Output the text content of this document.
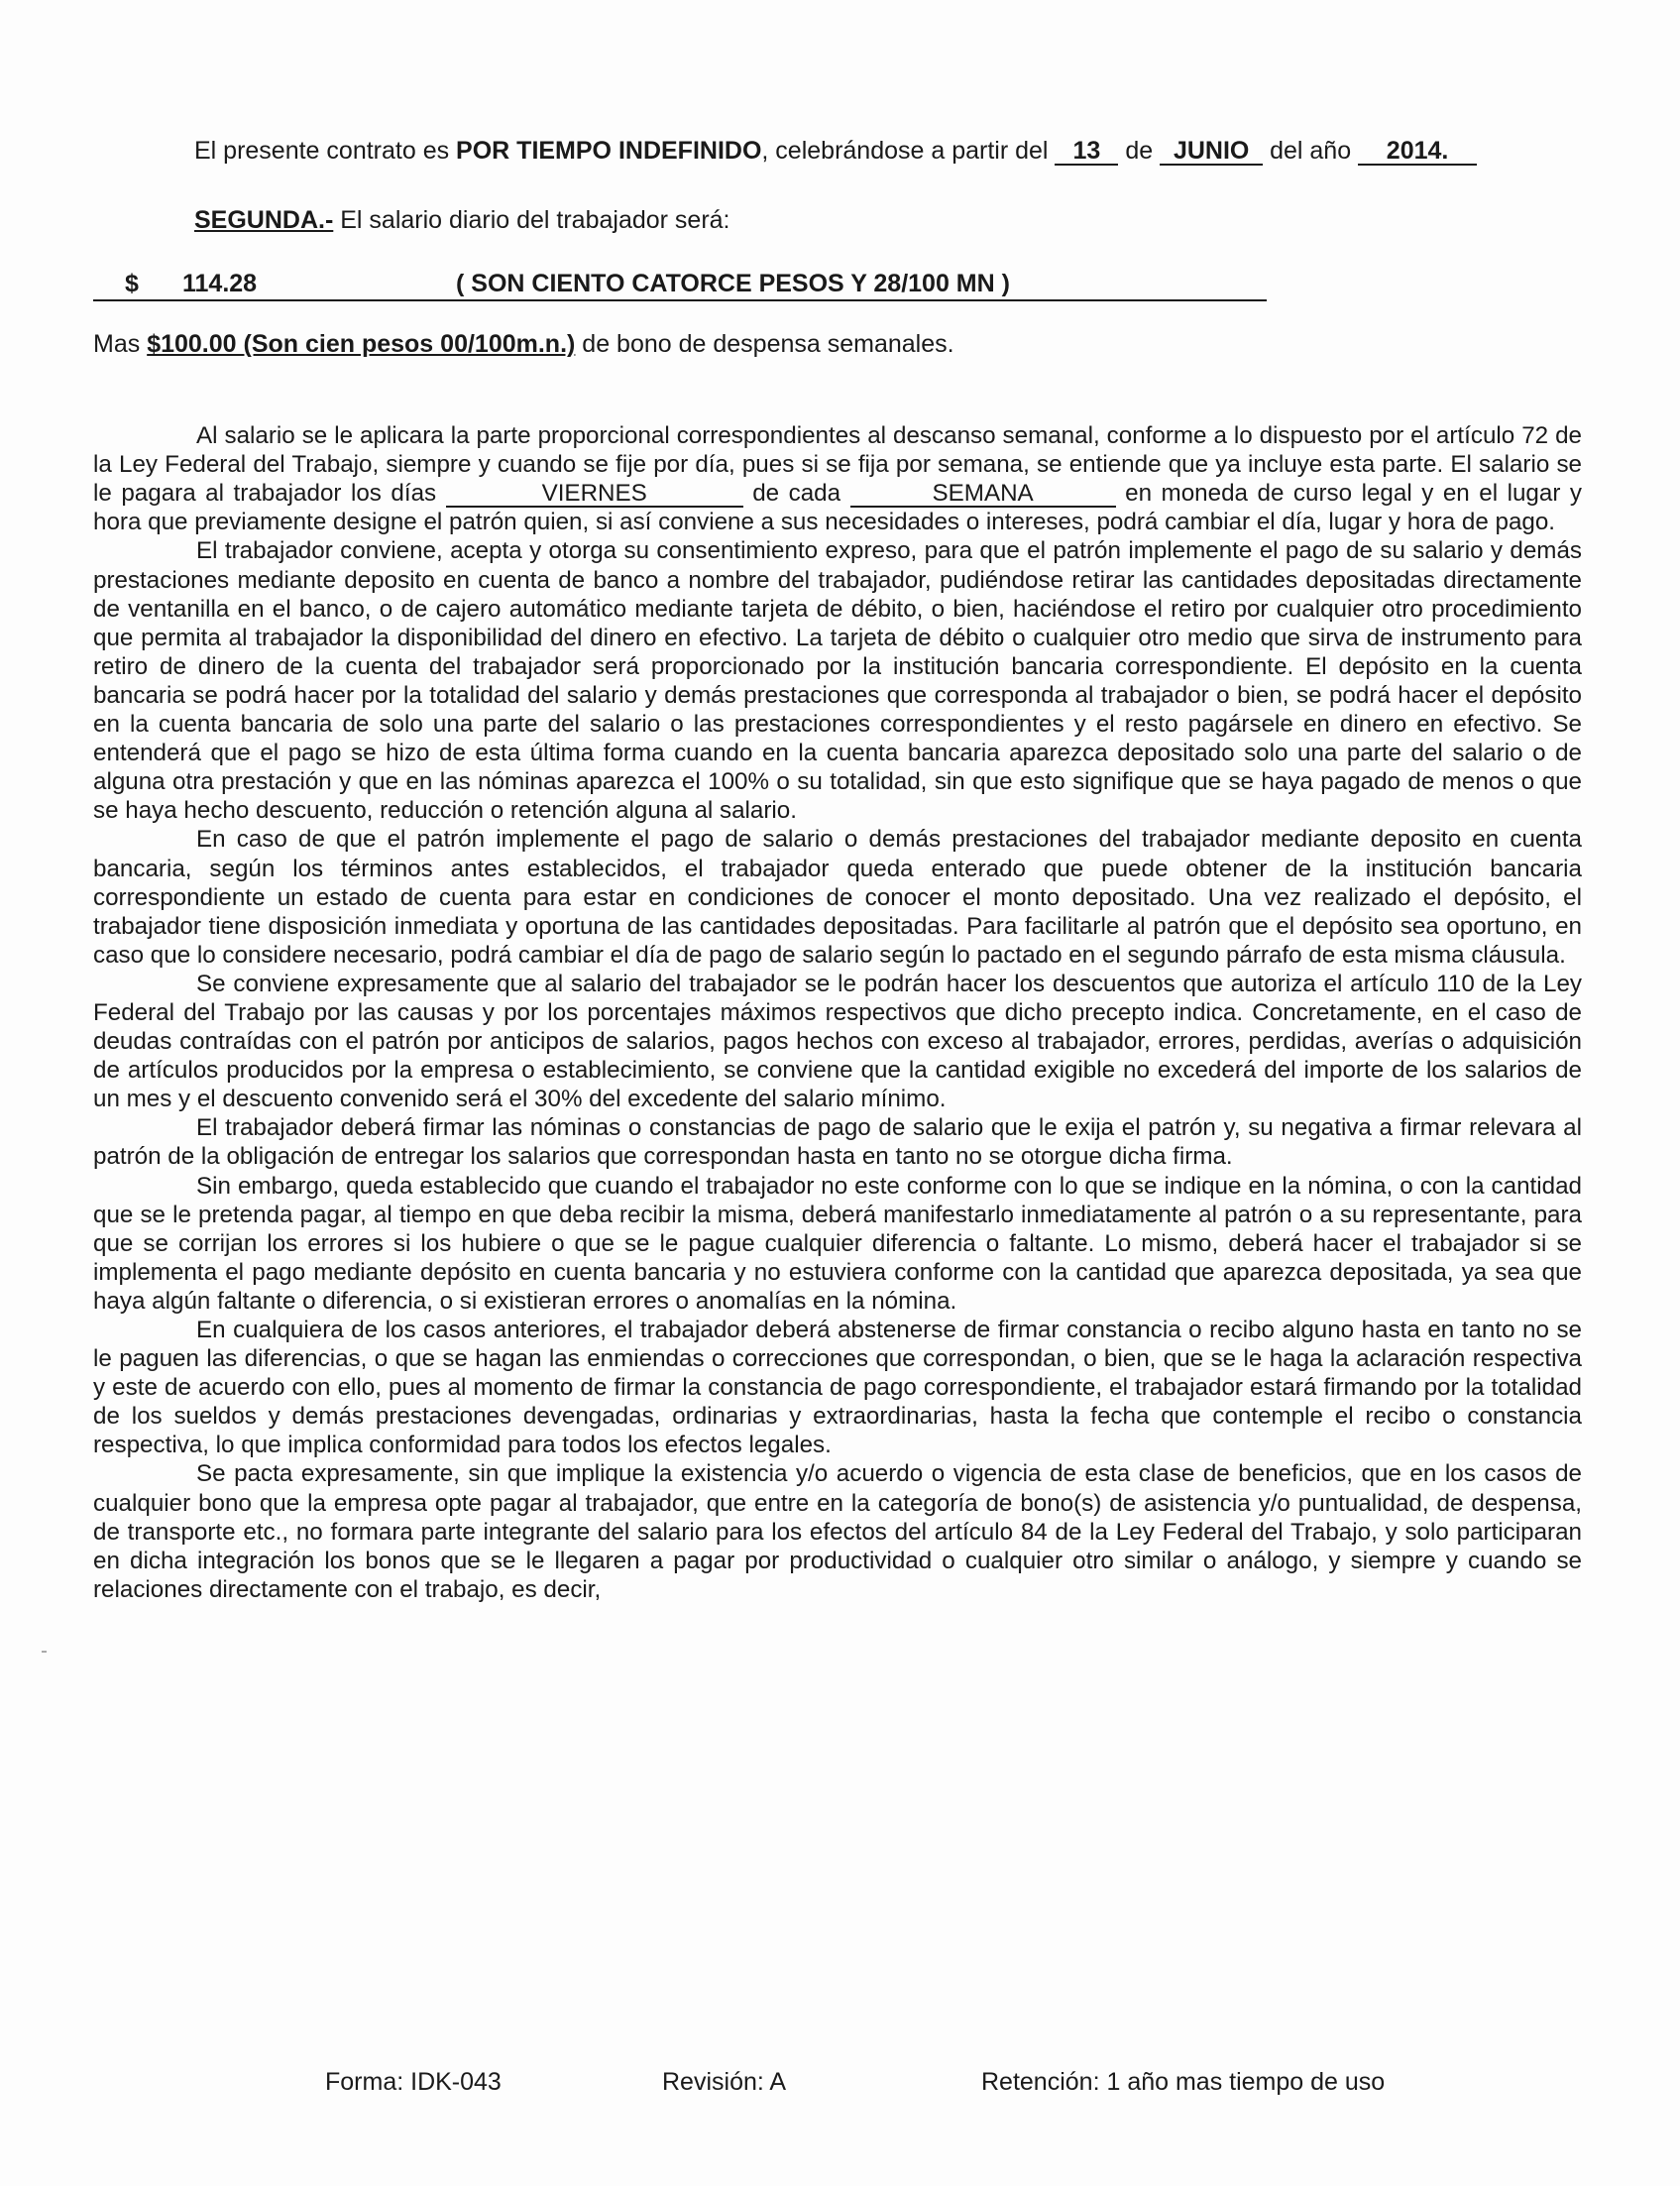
El presente contrato es POR TIEMPO INDEFINIDO, celebrándose a partir del 13 de JUNIO del año 2014.
SEGUNDA.- El salario diario del trabajador será:
$ 114.28	( SON CIENTO CATORCE PESOS Y 28/100 MN )
Mas $100.00 (Son cien pesos 00/100m.n.) de bono de despensa semanales.

Al salario se le aplicara la parte proporcional correspondientes al descanso semanal, conforme a lo dispuesto por el artículo 72 de la Ley Federal del Trabajo, siempre y cuando se fije por día, pues si se fija por semana, se entiende que ya incluye esta parte. El salario se le pagara al trabajador los días	VIERNES	de cada	SEMANA	en moneda de curso legal y en el lugar y hora que previamente designe el patrón quien, si así conviene a sus necesidades o intereses, podrá cambiar el día, lugar y hora de pago.

El trabajador conviene, acepta y otorga su consentimiento expreso, para que el patrón implemente el pago de su salario y demás prestaciones mediante deposito en cuenta de banco a nombre del trabajador, pudiéndose retirar las cantidades depositadas directamente de ventanilla en el banco, o de cajero automático mediante tarjeta de débito, o bien, haciéndose el retiro por cualquier otro procedimiento que permita al trabajador la disponibilidad del dinero en efectivo. La tarjeta de débito o cualquier otro medio que sirva de instrumento para retiro de dinero de la cuenta del trabajador será proporcionado por la institución bancaria correspondiente. El depósito en la cuenta bancaria se podrá hacer por la totalidad del salario y demás prestaciones que corresponda al trabajador o bien, se podrá hacer el depósito en la cuenta bancaria de solo una parte del salario o las prestaciones correspondientes y el resto pagársele en dinero en efectivo. Se entenderá que el pago se hizo de esta última forma cuando en la cuenta bancaria aparezca depositado solo una parte del salario o de alguna otra prestación y que en las nóminas aparezca el 100% o su totalidad, sin que esto signifique que se haya pagado de menos o que se haya hecho descuento, reducción o retención alguna al salario.

En caso de que el patrón implemente el pago de salario o demás prestaciones del trabajador mediante deposito en cuenta bancaria, según los términos antes establecidos, el trabajador queda enterado que puede obtener de la institución bancaria correspondiente un estado de cuenta para estar en condiciones de conocer el monto depositado. Una vez realizado el depósito, el trabajador tiene disposición inmediata y oportuna de las cantidades depositadas. Para facilitarle al patrón que el depósito sea oportuno, en caso que lo considere necesario, podrá cambiar el día de pago de salario según lo pactado en el segundo párrafo de esta misma cláusula.

Se conviene expresamente que al salario del trabajador se le podrán hacer los descuentos que autoriza el artículo 110 de la Ley Federal del Trabajo por las causas y por los porcentajes máximos respectivos que dicho precepto indica. Concretamente, en el caso de deudas contraídas con el patrón por anticipos de salarios, pagos hechos con exceso al trabajador, errores, perdidas, averías o adquisición de artículos producidos por la empresa o establecimiento, se conviene que la cantidad exigible no excederá del importe de los salarios de un mes y el descuento convenido será el 30% del excedente del salario mínimo.

El trabajador deberá firmar las nóminas o constancias de pago de salario que le exija el patrón y, su negativa a firmar relevara al patrón de la obligación de entregar los salarios que correspondan hasta en tanto no se otorgue dicha firma.

Sin embargo, queda establecido que cuando el trabajador no este conforme con lo que se indique en la nómina, o con la cantidad que se le pretenda pagar, al tiempo en que deba recibir la misma, deberá manifestarlo inmediatamente al patrón o a su representante, para que se corrijan los errores si los hubiere o que se le pague cualquier diferencia o faltante. Lo mismo, deberá hacer el trabajador si se implementa el pago mediante depósito en cuenta bancaria y no estuviera conforme con la cantidad que aparezca depositada, ya sea que haya algún faltante o diferencia, o si existieran errores o anomalías en la nómina.

En cualquiera de los casos anteriores, el trabajador deberá abstenerse de firmar constancia o recibo alguno hasta en tanto no se le paguen las diferencias, o que se hagan las enmiendas o correcciones que correspondan, o bien, que se le haga la aclaración respectiva y este de acuerdo con ello, pues al momento de firmar la constancia de pago correspondiente, el trabajador estará firmando por la totalidad de los sueldos y demás prestaciones devengadas, ordinarias y extraordinarias, hasta la fecha que contemple el recibo o constancia respectiva, lo que implica conformidad para todos los efectos legales.

Se pacta expresamente, sin que implique la existencia y/o acuerdo o vigencia de esta clase de beneficios, que en los casos de cualquier bono que la empresa opte pagar al trabajador, que entre en la categoría de bono(s) de asistencia y/o puntualidad, de despensa, de transporte etc., no formara parte integrante del salario para los efectos del artículo 84 de la Ley Federal del Trabajo, y solo participaran en dicha integración los bonos que se le llegaren a pagar por productividad o cualquier otro similar o análogo, y siempre y cuando se relaciones directamente con el trabajo, es decir,

Forma: IDK-043	Revisión: A	Retención: 1 año mas tiempo de uso
